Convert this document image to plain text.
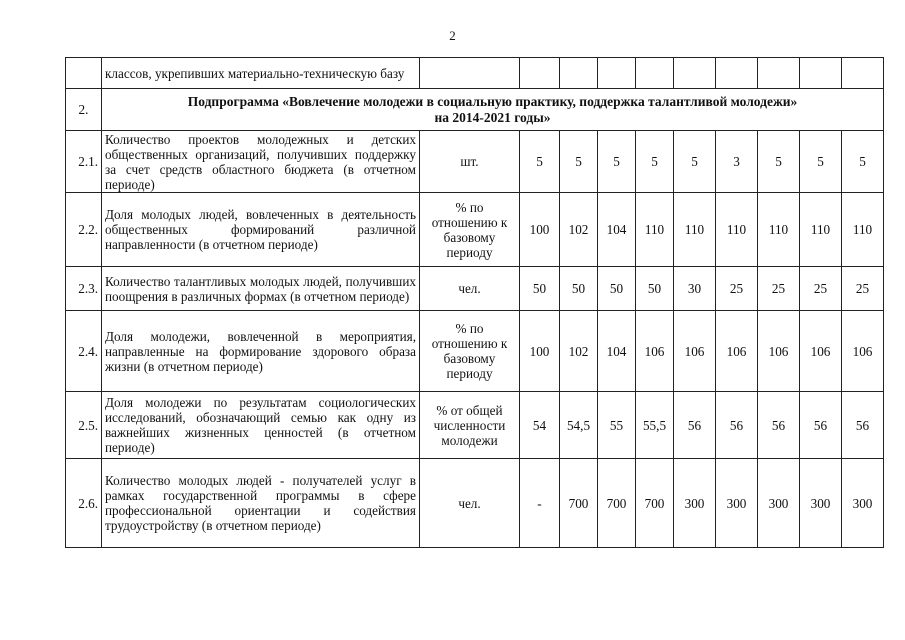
2
	классов, укрепивших материально-техническую базу										
2.	Подпрограмма «Вовлечение молодежи в социальную практику, поддержка талантливой молодежи»
на 2014-2021 годы»										

2.1.	Количество проектов молодежных и детских общественных организаций, получивших поддержку за счет средств областного бюджета (в отчетном периоде)	шт.	5	5	5	5	5	3	5	5	5
2.2.	Доля молодых людей, вовлеченных в деятельность общественных формирований различной направленности (в отчетном периоде)	% по отношению к базовому периоду	100	102	104	110	110	110	110	110	110
2.3.	Количество талантливых молодых людей, получивших поощрения в различных формах (в отчетном периоде)	чел.	50	50	50	50	30	25	25	25	25
2.4.	Доля молодежи, вовлеченной в мероприятия, направленные на формирование здорового образа жизни (в отчетном периоде)	% по отношению к базовому периоду	100	102	104	106	106	106	106	106	106
2.5.	Доля молодежи по результатам социологических исследований, обозначающий семью как одну из важнейших жизненных ценностей (в отчетном периоде)	% от общей численности молодежи	54	54,5	55	55,5	56	56	56	56	56
2.6.	Количество молодых людей - получателей услуг в рамках государственной программы в сфере профессиональной ориентации и содействия трудоустройству (в отчетном периоде)	чел.	-	700	700	700	300	300	300	300	300
